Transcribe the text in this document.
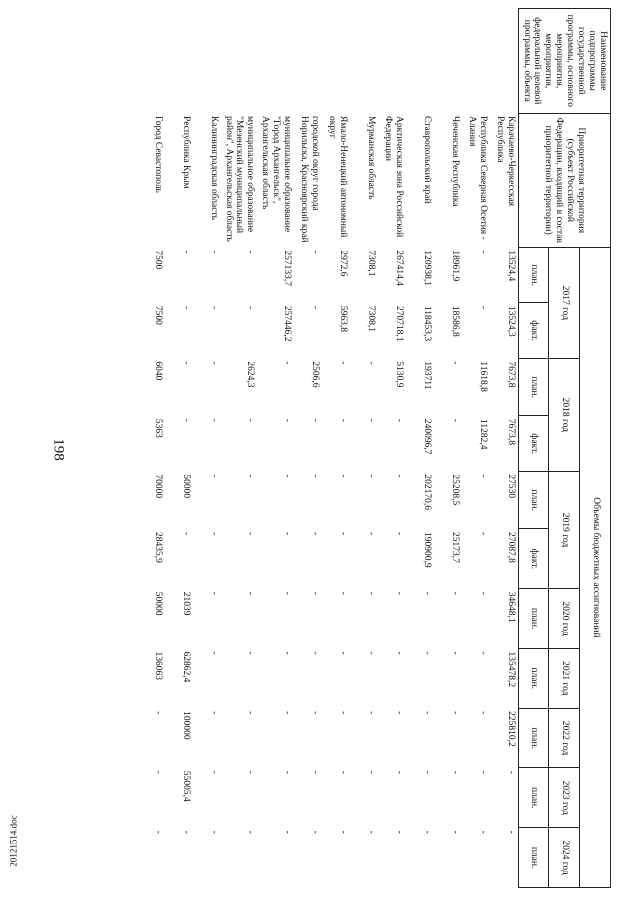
198
20121514.doc
Наименование подпрограммы государственной программы, основного мероприятия, мероприятия, федеральной целевой программы, объекта	Приоритетная территория (субъект Российской Федерации, входящий в состав приоритетной территории)	Объемы бюджетных ассигнований										
		2017 год		2018 год		2019 год		2020 год	2021 год	2022 год	2023 год	2024 год
		план.	факт.	план.	факт.	план.	факт.	план.	план.	план.	план.	план.
	Карачаево-Черкесская Республика	13524,4	13524,3	7673,8	7673,8	27530	27087,8	34648,1	135478,2	225810,2	-	-
	Республика Северная Осетия - Алания	-	-	11618,8	11282,4	-	-	-	-	-	-	-
	Чеченская Республика	18961,9	18586,8	-	-	25208,5	25173,7	-	-	-	-	-
	Ставропольский край	120938,1	118453,3	193711	240096,7	202170,6	190900,9	-	-	-	-	-
	Арктическая зона Российской Федерации	267414,4	270718,1	5130,9	-	-	-	-	-	-	-	-
	Мурманская область	7308,1	7308,1	-	-	-	-	-	-	-	-	-
	Ямало-Ненецкий автономный округ	2972,6	5963,8	-	-	-	-	-	-	-	-	-
	городской округ города Норильска, Красноярский край	-	-	2506,6	-	-	-	-	-	-	-	-
	муниципальное образование "Город Архангельск", Архангельская область	257133,7	257446,2	-	-	-	-	-	-	-	-	-
	муниципальное образование "Мезенский муниципальный район", Архангельская область	-	-	2624,3	-	-	-	-	-	-	-	-
	Калининградская область	-	-	-	-	-	-	-	-	-	-	-
	Республика Крым	-	-	-	-	50000	-	21039	62862,4	100000	55005,4	-
	Город Севастополь	7500	7500	6040	5363	70000	28435,9	50000	136063	-	-	-
